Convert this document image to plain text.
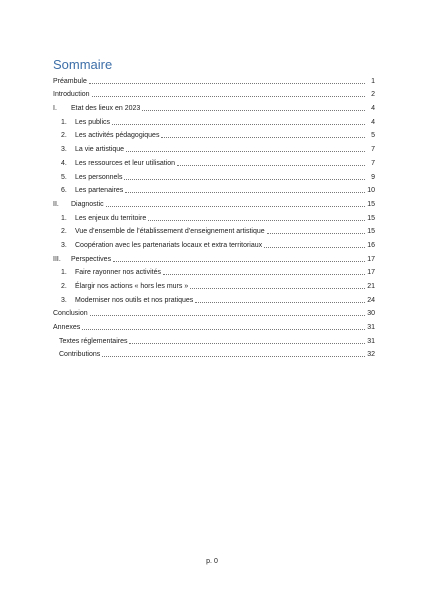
Sommaire
Préambule	1
Introduction	2
I.	Etat des lieux en 2023	4
1.	Les publics	4
2.	Les activités pédagogiques	5
3.	La vie artistique	7
4.	Les ressources et leur utilisation	7
5.	Les personnels	9
6.	Les partenaires	10
II.	Diagnostic	15
1.	Les enjeux du territoire	15
2.	Vue d’ensemble de l’établissement d’enseignement artistique	15
3.	Coopération avec les partenariats locaux et extra territoriaux	16
III.	Perspectives	17
1.	Faire rayonner nos activités	17
2.	Élargir nos actions « hors les murs »	21
3.	Moderniser nos outils et nos pratiques	24
Conclusion	30
Annexes	31
Textes réglementaires	31
Contributions	32
p. 0
